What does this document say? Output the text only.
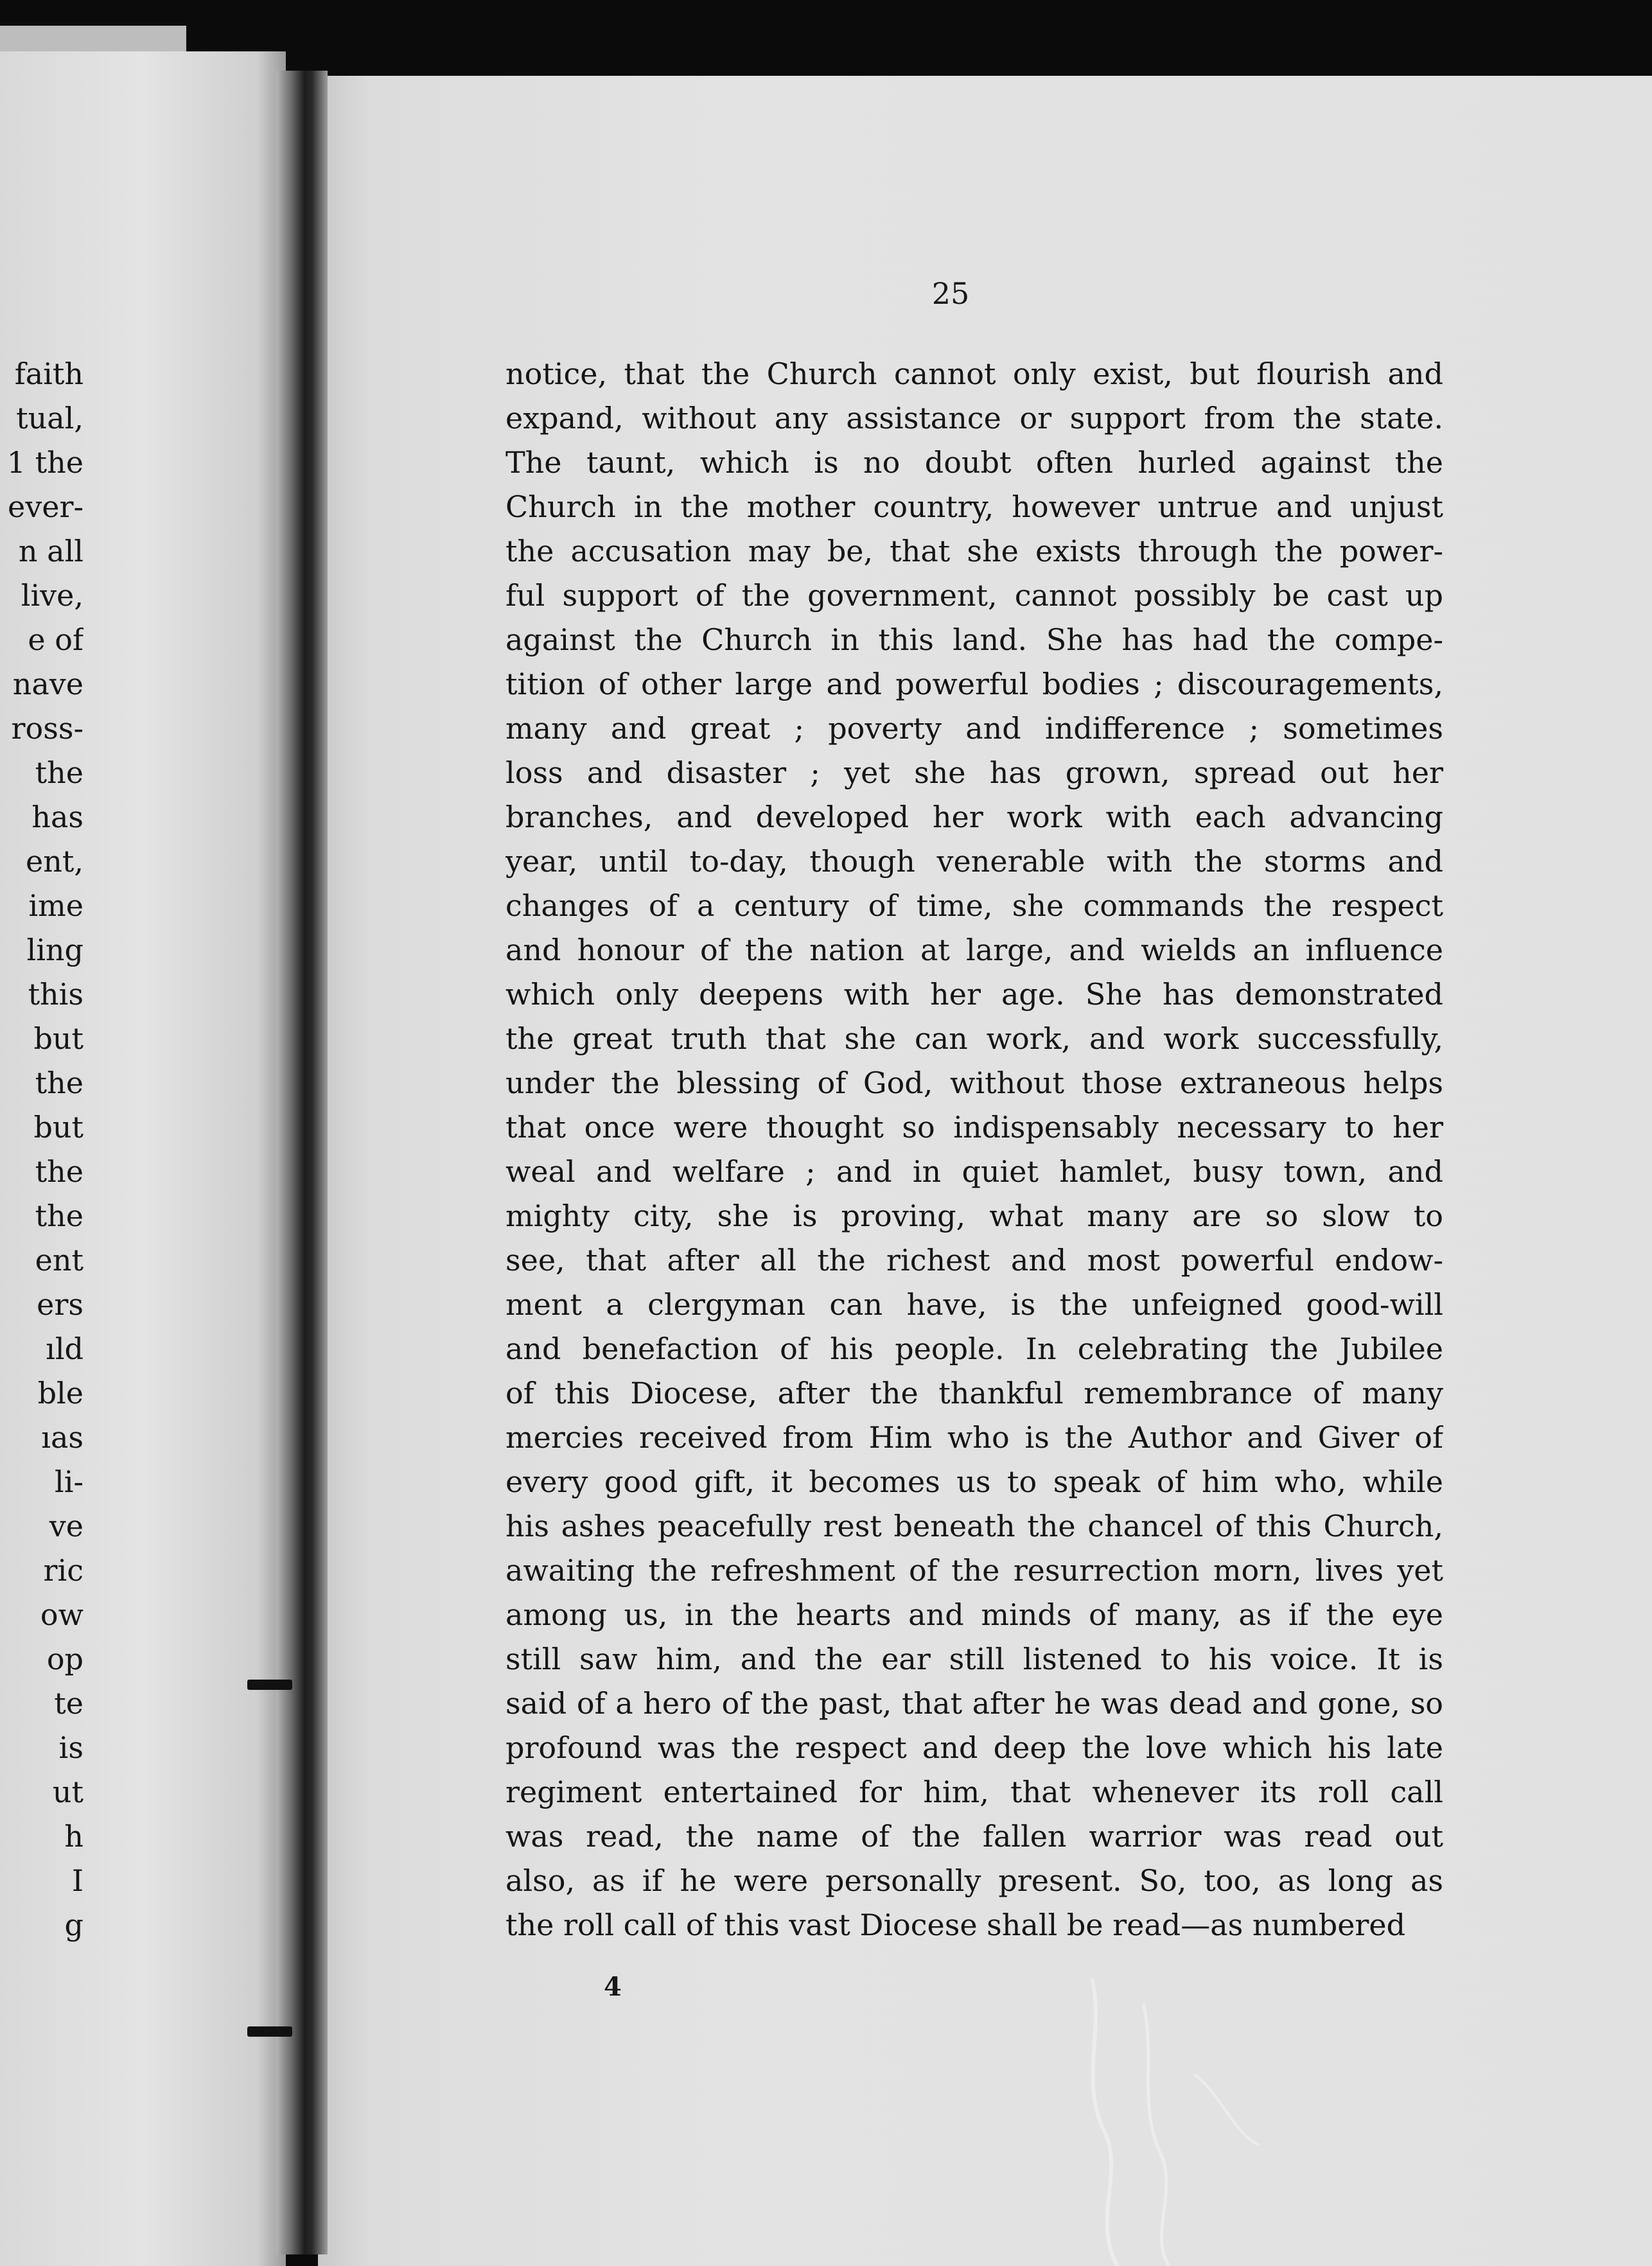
faith
tual,
1 the
ever-
n all
live,
e of
nave
ross-
the
has
ent,
ime
ling
this
but
the
but
the
the
ent
ers
ıld
ble
ıas
li-
ve
ric
ow
op
te
is
ut
h
I
g

25

notice, that the Church cannot only exist, but flourish and
expand, without any assistance or support from the state.
The taunt, which is no doubt often hurled against the
Church in the mother country, however untrue and unjust
the accusation may be, that she exists through the power-
ful support of the government, cannot possibly be cast up
against the Church in this land. She has had the compe-
tition of other large and powerful bodies ; discouragements,
many and great ; poverty and indifference ; sometimes
loss and disaster ; yet she has grown, spread out her
branches, and developed her work with each advancing
year, until to-day, though venerable with the storms and
changes of a century of time, she commands the respect
and honour of the nation at large, and wields an influence
which only deepens with her age. She has demonstrated
the great truth that she can work, and work successfully,
under the blessing of God, without those extraneous helps
that once were thought so indispensably necessary to her
weal and welfare ; and in quiet hamlet, busy town, and
mighty city, she is proving, what many are so slow to
see, that after all the richest and most powerful endow-
ment a clergyman can have, is the unfeigned good-will
and benefaction of his people. In celebrating the Jubilee
of this Diocese, after the thankful remembrance of many
mercies received from Him who is the Author and Giver of
every good gift, it becomes us to speak of him who, while
his ashes peacefully rest beneath the chancel of this Church,
awaiting the refreshment of the resurrection morn, lives yet
among us, in the hearts and minds of many, as if the eye
still saw him, and the ear still listened to his voice. It is
said of a hero of the past, that after he was dead and gone, so
profound was the respect and deep the love which his late
regiment entertained for him, that whenever its roll call
was read, the name of the fallen warrior was read out
also, as if he were personally present. So, too, as long as
the roll call of this vast Diocese shall be read—as numbered

4
